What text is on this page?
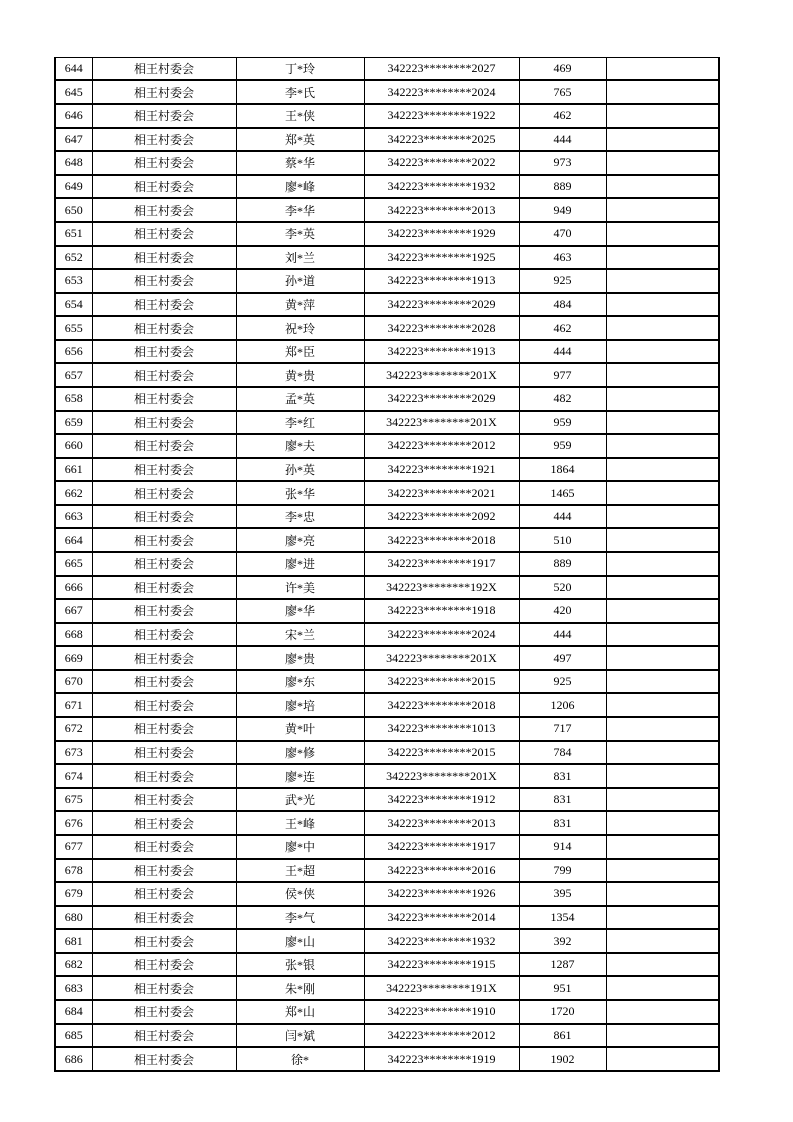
644	相王村委会	丁*玲	342223********2027	469	
645	相王村委会	李*氏	342223********2024	765	
646	相王村委会	王*侠	342223********1922	462	
647	相王村委会	郑*英	342223********2025	444	
648	相王村委会	蔡*华	342223********2022	973	
649	相王村委会	廖*峰	342223********1932	889	
650	相王村委会	李*华	342223********2013	949	
651	相王村委会	李*英	342223********1929	470	
652	相王村委会	刘*兰	342223********1925	463	
653	相王村委会	孙*道	342223********1913	925	
654	相王村委会	黄*萍	342223********2029	484	
655	相王村委会	祝*玲	342223********2028	462	
656	相王村委会	郑*臣	342223********1913	444	
657	相王村委会	黄*贵	342223********201X	977	
658	相王村委会	孟*英	342223********2029	482	
659	相王村委会	李*红	342223********201X	959	
660	相王村委会	廖*夫	342223********2012	959	
661	相王村委会	孙*英	342223********1921	1864	
662	相王村委会	张*华	342223********2021	1465	
663	相王村委会	李*忠	342223********2092	444	
664	相王村委会	廖*亮	342223********2018	510	
665	相王村委会	廖*进	342223********1917	889	
666	相王村委会	许*美	342223********192X	520	
667	相王村委会	廖*华	342223********1918	420	
668	相王村委会	宋*兰	342223********2024	444	
669	相王村委会	廖*贵	342223********201X	497	
670	相王村委会	廖*东	342223********2015	925	
671	相王村委会	廖*培	342223********2018	1206	
672	相王村委会	黄*叶	342223********1013	717	
673	相王村委会	廖*修	342223********2015	784	
674	相王村委会	廖*连	342223********201X	831	
675	相王村委会	武*光	342223********1912	831	
676	相王村委会	王*峰	342223********2013	831	
677	相王村委会	廖*中	342223********1917	914	
678	相王村委会	王*超	342223********2016	799	
679	相王村委会	侯*侠	342223********1926	395	
680	相王村委会	李*气	342223********2014	1354	
681	相王村委会	廖*山	342223********1932	392	
682	相王村委会	张*银	342223********1915	1287	
683	相王村委会	朱*刚	342223********191X	951	
684	相王村委会	郑*山	342223********1910	1720	
685	相王村委会	闫*斌	342223********2012	861	
686	相王村委会	徐*	342223********1919	1902	
